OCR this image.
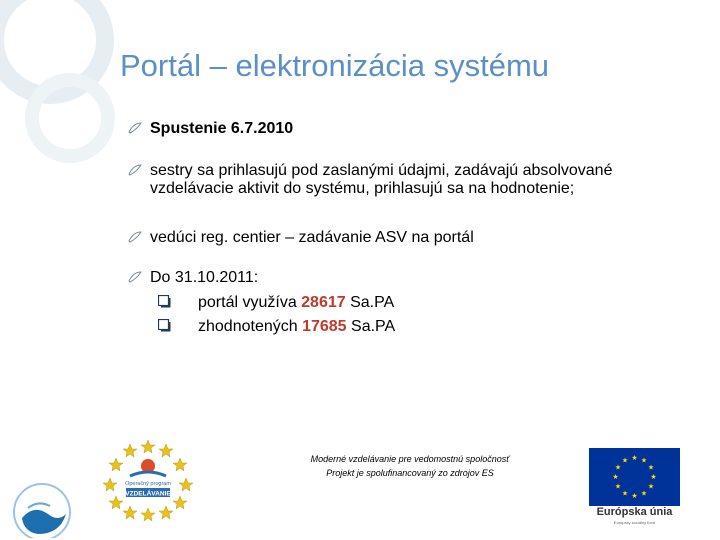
Portál – elektronizácia systému
Spustenie 6.7.2010
sestry sa prihlasujú pod zaslanými údajmi, zadávajú absolvované vzdelávacie aktivit do systému, prihlasujú sa na hodnotenie;
vedúci reg. centier – zadávanie ASV na portál
Do 31.10.2011:
portál využíva 28617 Sa.PA
zhodnotených 17685 Sa.PA
Operačný program
VZDELÁVANIE
Moderné vzdelávanie pre vedomostnú spoločnosť
Projekt je spolufinancovaný zo zdrojov ES
★ ★
★
★
★
★
★
★
★
★
★
★
Európska únia
Európsky sociálny fond
